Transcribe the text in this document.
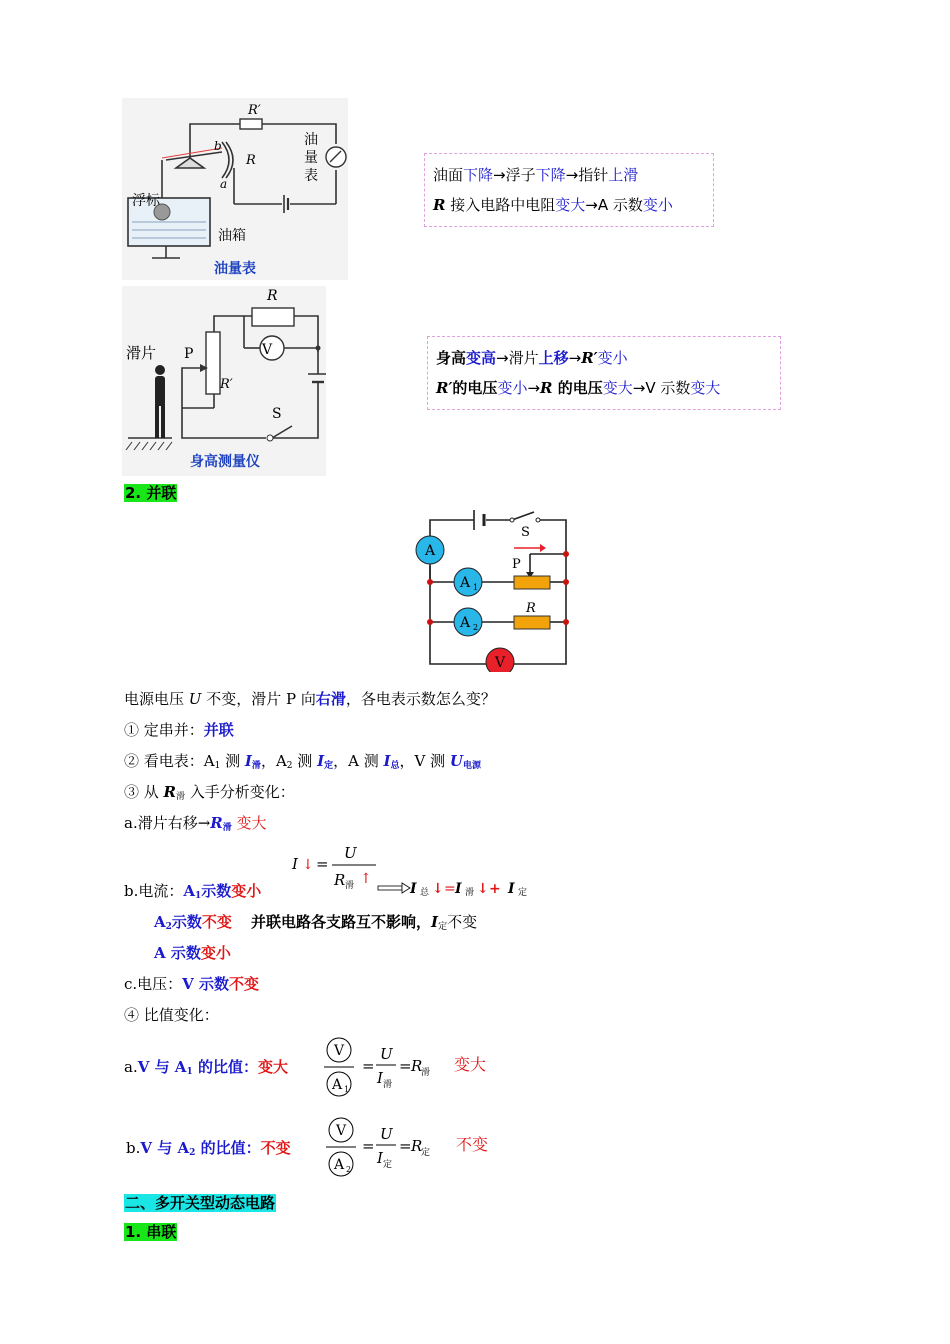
R′
R
b
a
浮标
油箱
油
量
表
油量表
油面下降→浮子下降→指针上滑
R 接入电路中电阻变大→A 示数变小
R
V
滑片 P
R′
S
身高测量仪
身高变高→滑片上移→R′变小
R′的电压变小→R 的电压变大→V 示数变大
2. 并联
A
A 1
A 2
V
S
P
R
电源电压 U 不变，滑片 P 向右滑，各电表示数怎么变？
① 定串并：并联
② 看电表：$A_1$ 测 $I_滑$，$A_2$ 测 $I_定$，A 测 $I_总$，V 测 $U_{电源}$
③ 从 $R_滑$ 入手分析变化：
a.滑片右移$\to R_滑$ 变大
I ↓ =
U
R 滑 ↑
I 总 ↓ = I 滑 ↓ + I 定
b.电流：$A_1$示数变小
$A_2$示数不变 并联电路各支路互不影响，$I_定$不变
A 示数变小
c.电压：V 示数不变
④ 比值变化：
a.V 与 $A_1$ 的比值：变大
V
A 1
=
U
I 滑
= R
滑 变大
b.V 与 $A_2$ 的比值：不变
V
A 2
=
U
I 定
= R
定 不变
二、多开关型动态电路
1. 串联
